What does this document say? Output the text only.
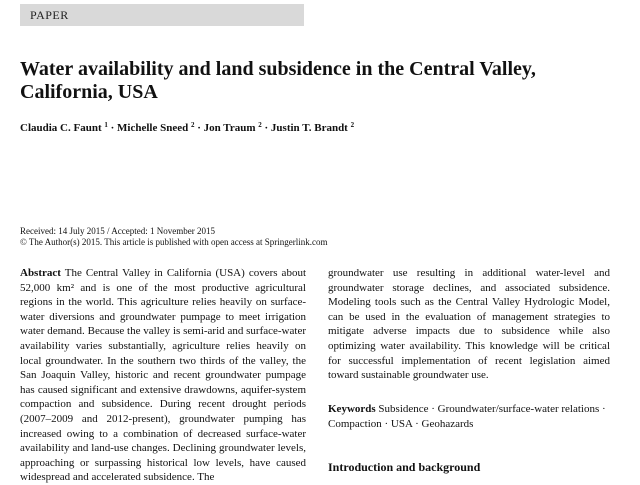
PAPER
Water availability and land subsidence in the Central Valley, California, USA

Claudia C. Faunt $^1$ · Michelle Sneed $^2$ · Jon Traum $^2$ · Justin T. Brandt $^2$

Received: 14 July 2015 / Accepted: 1 November 2015
© The Author(s) 2015. This article is published with open access at Springerlink.com

Abstract The Central Valley in California (USA) covers about 52,000 km² and is one of the most productive agricultural regions in the world. This agriculture relies heavily on surface-water diversions and groundwater pumpage to meet irrigation water demand. Because the valley is semi-arid and surface-water availability varies substantially, agriculture relies heavily on local groundwater. In the southern two thirds of the valley, the San Joaquin Valley, historic and recent groundwater pumpage has caused significant and extensive drawdowns, aquifer-system compaction and subsidence. During recent drought periods (2007–2009 and 2012-present), groundwater pumping has increased owing to a combination of decreased surface-water availability and land-use changes. Declining groundwater levels, approaching or surpassing historical low levels, have caused widespread and accelerated subsidence. The

groundwater use resulting in additional water-level and groundwater storage declines, and associated subsidence. Modeling tools such as the Central Valley Hydrologic Model, can be used in the evaluation of management strategies to mitigate adverse impacts due to subsidence while also optimizing water availability. This knowledge will be critical for successful implementation of recent legislation aimed toward sustainable groundwater use.

Keywords Subsidence · Groundwater/surface-water relations · Compaction · USA · Geohazards

Introduction and background
